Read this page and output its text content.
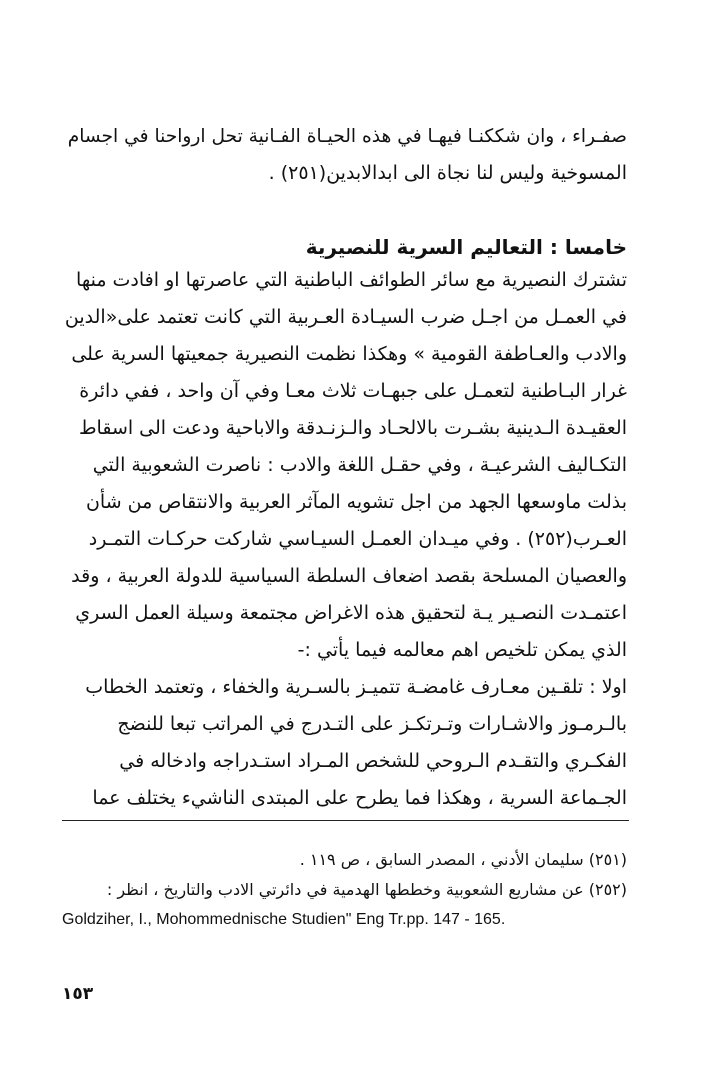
صفـراء ، وان شككنـا فيهـا في هذه الحيـاة الفـانية تحل ارواحنا في اجسام
المسوخية وليس لنا نجاة الى ابدالابدين(٢٥١) .
خامسا : التعاليم السرية للنصيرية
تشترك النصيرية مع سائر الطوائف الباطنية التي عاصرتها او افادت منها
في العمـل من اجـل ضرب السيـادة العـربية التي كانت تعتمد على«الدين
والادب والعـاطفة القومية » وهكذا نظمت النصيرية جمعيتها السرية على
غرار البـاطنية لتعمـل على جبهـات ثلاث معـا وفي آن واحد ، ففي دائرة
العقيـدة الـدينية بشـرت بالالحـاد والـزنـدقة والاباحية ودعت الى اسقاط
التكـاليف الشرعيـة ، وفي حقـل اللغة والادب : ناصرت الشعوبية التي
بذلت ماوسعها الجهد من اجل تشويه المآثر العربية والانتقاص من شأن
العـرب(٢٥٢) . وفي ميـدان العمـل السيـاسي شاركت حركـات التمـرد
والعصيان المسلحة بقصد اضعاف السلطة السياسية للدولة العربية ، وقد
اعتمـدت النصـير يـة لتحقيق هذه الاغراض مجتمعة وسيلة العمل السري
الذي يمكن تلخيص اهم معالمه فيما يأتي :-
اولا : تلقـين معـارف غامضـة تتميـز بالسـرية والخفاء ، وتعتمد الخطاب
بالـرمـوز والاشـارات وتـرتكـز على التـدرج في المراتب تبعا للنضج
الفكـري والتقـدم الـروحي للشخص المـراد استـدراجه وادخاله في
الجـماعة السرية ، وهكذا فما يطرح على المبتدى الناشيء يختلف عما
(٢٥١) سليمان الأدني ، المصدر السابق ، ص ١١٩ .
(٢٥٢) عن مشاريع الشعوبية وخططها الهدمية في دائرتي الادب والتاريخ ، انظر :
Goldziher, I., Mohommednische Studien" Eng Tr.pp. 147 - 165.
١٥٣
